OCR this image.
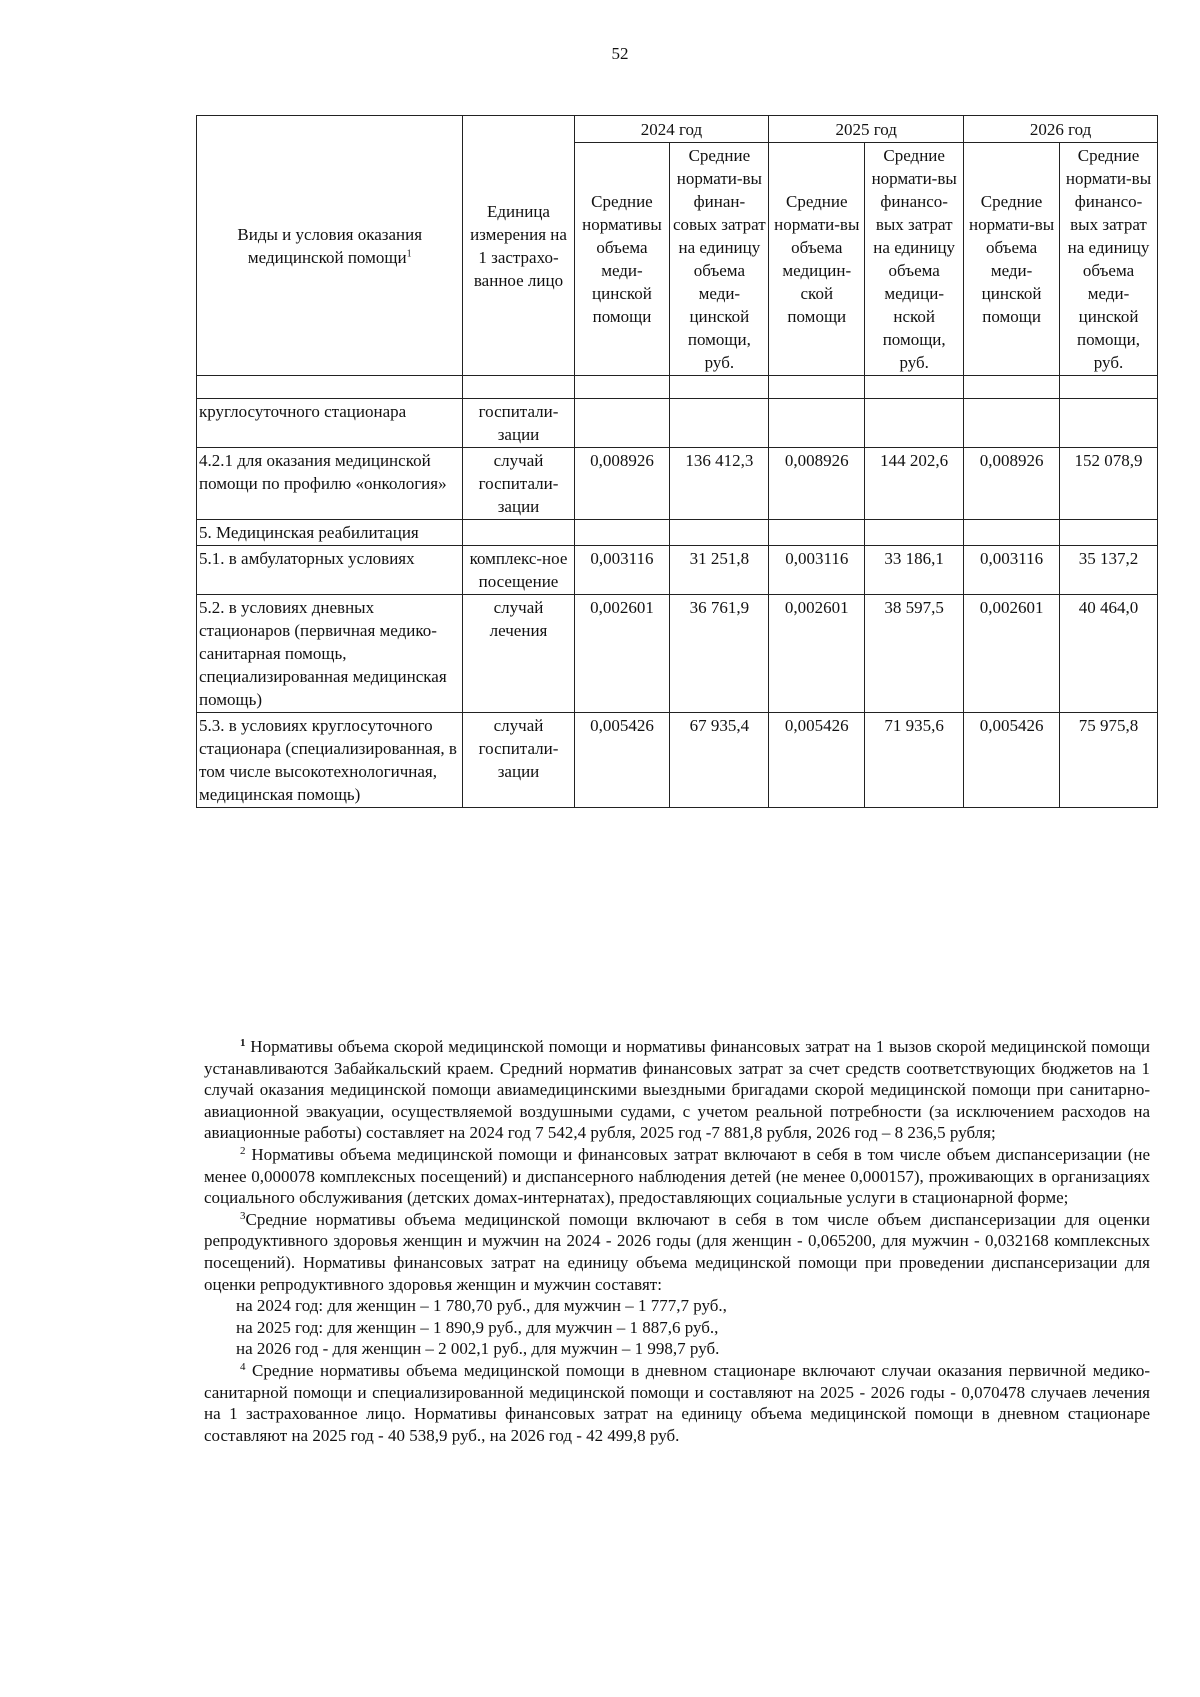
52
Виды и условия оказания медицинской помощи$^1$	Единица измерения на 1 застрахо-ванное лицо	2024 год		2025 год		2026 год	
		Средние нормативы объема меди-цинской помощи	Средние нормати-вы финан-совых затрат на единицу объема меди-цинской помощи, руб.	Средние нормати-вы объема медицин-ской помощи	Средние нормати-вы финансо-вых затрат на единицу объема медици-нской помощи, руб.	Средние нормати-вы объема меди-цинской помощи	Средние нормати-вы финансо-вых затрат на единицу объема меди-цинской помощи, руб.

круглосуточного стационара	госпитали-зации						
4.2.1 для оказания медицинской помощи по профилю «онкология»	случай госпитали-зации	0,008926	136 412,3	0,008926	144 202,6	0,008926	152 078,9
5. Медицинская реабилитация							
5.1. в амбулаторных условиях	комплекс-ное посещение	0,003116	31 251,8	0,003116	33 186,1	0,003116	35 137,2
5.2. в условиях дневных стационаров (первичная медико-санитарная помощь, специализированная медицинская помощь)	случай лечения	0,002601	36 761,9	0,002601	38 597,5	0,002601	40 464,0
5.3. в условиях круглосуточного стационара (специализированная, в том числе высокотехнологичная, медицинская помощь)	случай госпитали-зации	0,005426	67 935,4	0,005426	71 935,6	0,005426	75 975,8

$^1$ Нормативы объема скорой медицинской помощи и нормативы финансовых затрат на 1 вызов скорой медицинской помощи устанавливаются Забайкальский краем. Средний норматив финансовых затрат за счет средств соответствующих бюджетов на 1 случай оказания медицинской помощи авиамедицинскими выездными бригадами скорой медицинской помощи при санитарно-авиационной эвакуации, осуществляемой воздушными судами, с учетом реальной потребности (за исключением расходов на авиационные работы) составляет на 2024 год 7 542,4 рубля, 2025 год -7 881,8 рубля, 2026 год – 8 236,5 рубля;

$^2$ Нормативы объема медицинской помощи и финансовых затрат включают в себя в том числе объем диспансеризации (не менее 0,000078 комплексных посещений) и диспансерного наблюдения детей (не менее 0,000157), проживающих в организациях социального обслуживания (детских домах-интернатах), предоставляющих социальные услуги в стационарной форме;

$^3$Средние нормативы объема медицинской помощи включают в себя в том числе объем диспансеризации для оценки репродуктивного здоровья женщин и мужчин на 2024 - 2026 годы (для женщин - 0,065200, для мужчин - 0,032168 комплексных посещений). Нормативы финансовых затрат на единицу объема медицинской помощи при проведении диспансеризации для оценки репродуктивного здоровья женщин и мужчин составят:

на 2024 год: для женщин – 1 780,70 руб., для мужчин – 1 777,7 руб.,

на 2025 год: для женщин – 1 890,9 руб., для мужчин – 1 887,6 руб.,

на 2026 год - для женщин – 2 002,1 руб., для мужчин – 1 998,7 руб.

$^4$ Средние нормативы объема медицинской помощи в дневном стационаре включают случаи оказания первичной медико-санитарной помощи и специализированной медицинской помощи и составляют на 2025 - 2026 годы - 0,070478 случаев лечения на 1 застрахованное лицо. Нормативы финансовых затрат на единицу объема медицинской помощи в дневном стационаре составляют на 2025 год - 40 538,9 руб., на 2026 год - 42 499,8 руб.
